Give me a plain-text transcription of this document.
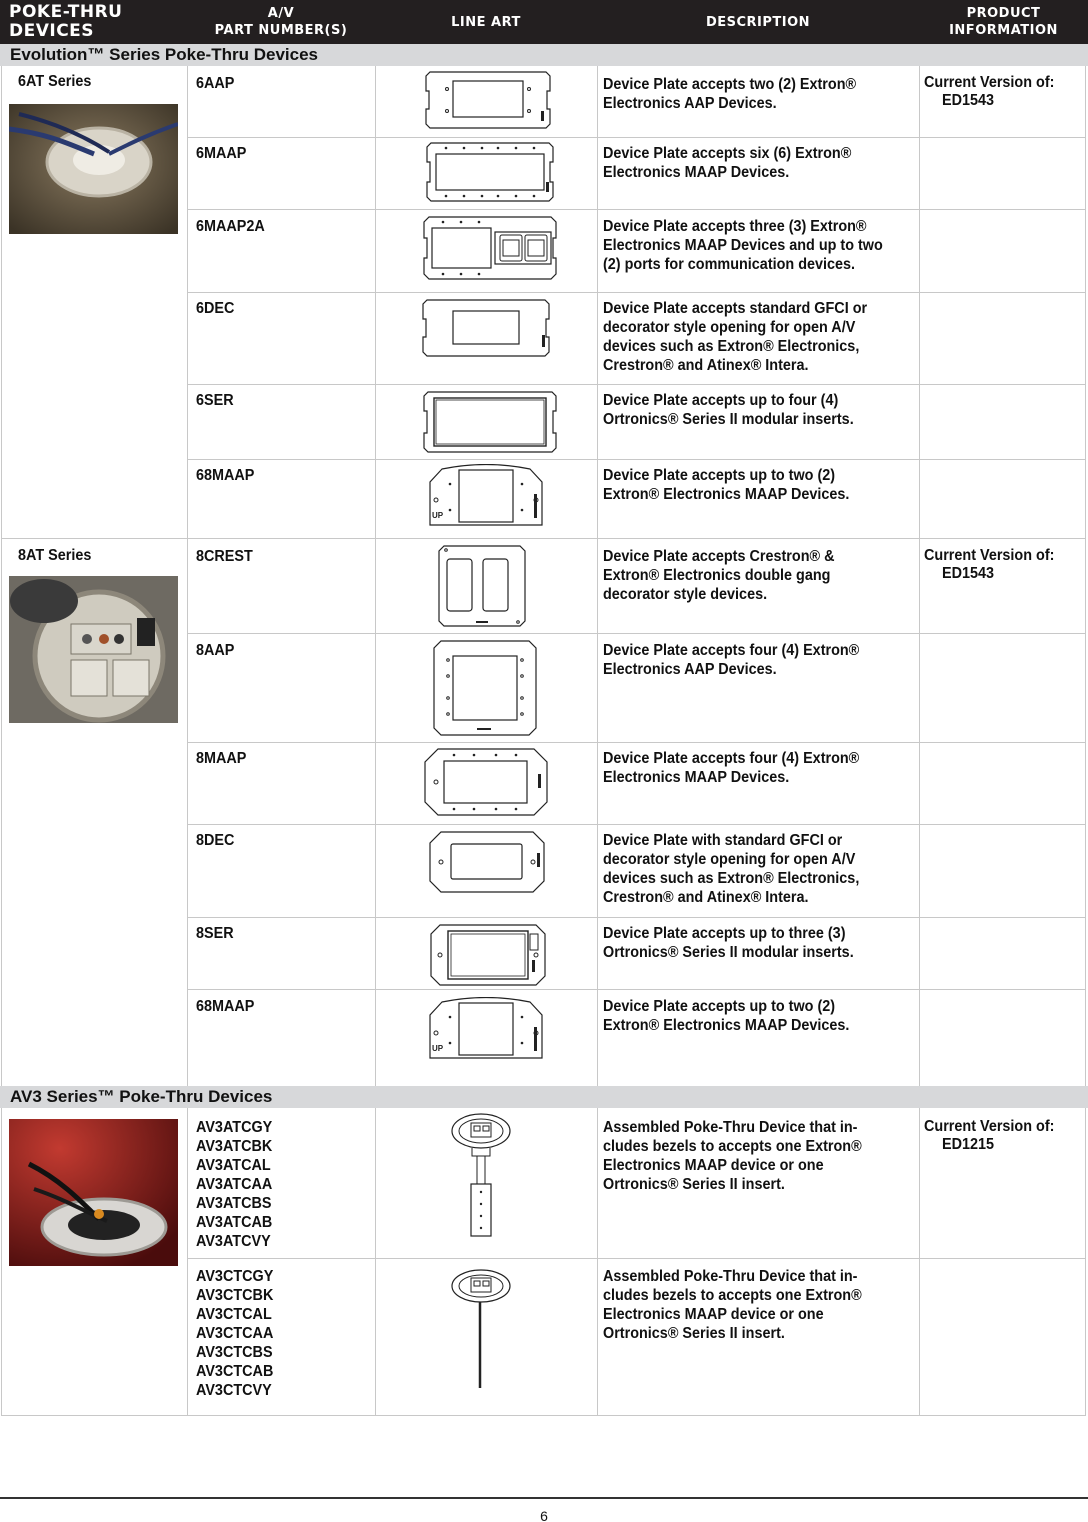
POKE-THRU
DEVICES
A/V
PART NUMBER(S)
LINE ART	DESCRIPTION
PRODUCT
INFORMATION
Evolution™ Series Poke-Thru Devices
AV3 Series™ Poke-Thru Devices
6AT Series
8AT Series
6AAP
6MAAP
6MAAP2A
6DEC
6SER
68MAAP
8CREST
8AAP
8MAAP
8DEC
8SER
68MAAP
AV3ATCGY
AV3ATCBK
AV3ATCAL
AV3ATCAA
AV3ATCBS
AV3ATCAB
AV3ATCVY
AV3CTCGY
AV3CTCBK
AV3CTCAL
AV3CTCAA
AV3CTCBS
AV3CTCAB
AV3CTCVY
UP
UP
Device Plate accepts two (2) Extron® Electronics AAP Devices.
Device Plate accepts six (6) Extron® Electronics MAAP Devices.
Device Plate accepts three (3) Extron® Electronics MAAP Devices and up to two (2) ports for communication devices.
Device Plate accepts standard GFCI or decorator style opening for open A/V devices such as Extron® Electronics, Crestron® and Atinex® Intera.
Device Plate accepts up to four (4) Ortronics® Series II modular inserts.
Device Plate accepts up to two (2) Extron® Electronics MAAP Devices.
Device Plate accepts Crestron® & Extron® Electronics double gang decorator style devices.
Device Plate accepts four (4) Extron® Electronics AAP Devices.
Device Plate accepts four (4) Extron® Electronics MAAP Devices.
Device Plate with standard GFCI or decorator style opening for open A/V devices such as Extron® Electronics, Crestron® and Atinex® Intera.
Device Plate accepts up to three (3) Ortronics® Series II modular inserts.
Device Plate accepts up to two (2) Extron® Electronics MAAP Devices.
Assembled Poke-Thru Device that in-cludes bezels to accepts one Extron® Electronics MAAP device or one Ortronics® Series II insert.
Assembled Poke-Thru Device that in-cludes bezels to accepts one Extron® Electronics MAAP device or one Ortronics® Series II insert.
Current Version of:
ED1543
Current Version of:
ED1543
Current Version of:
ED1215
6
